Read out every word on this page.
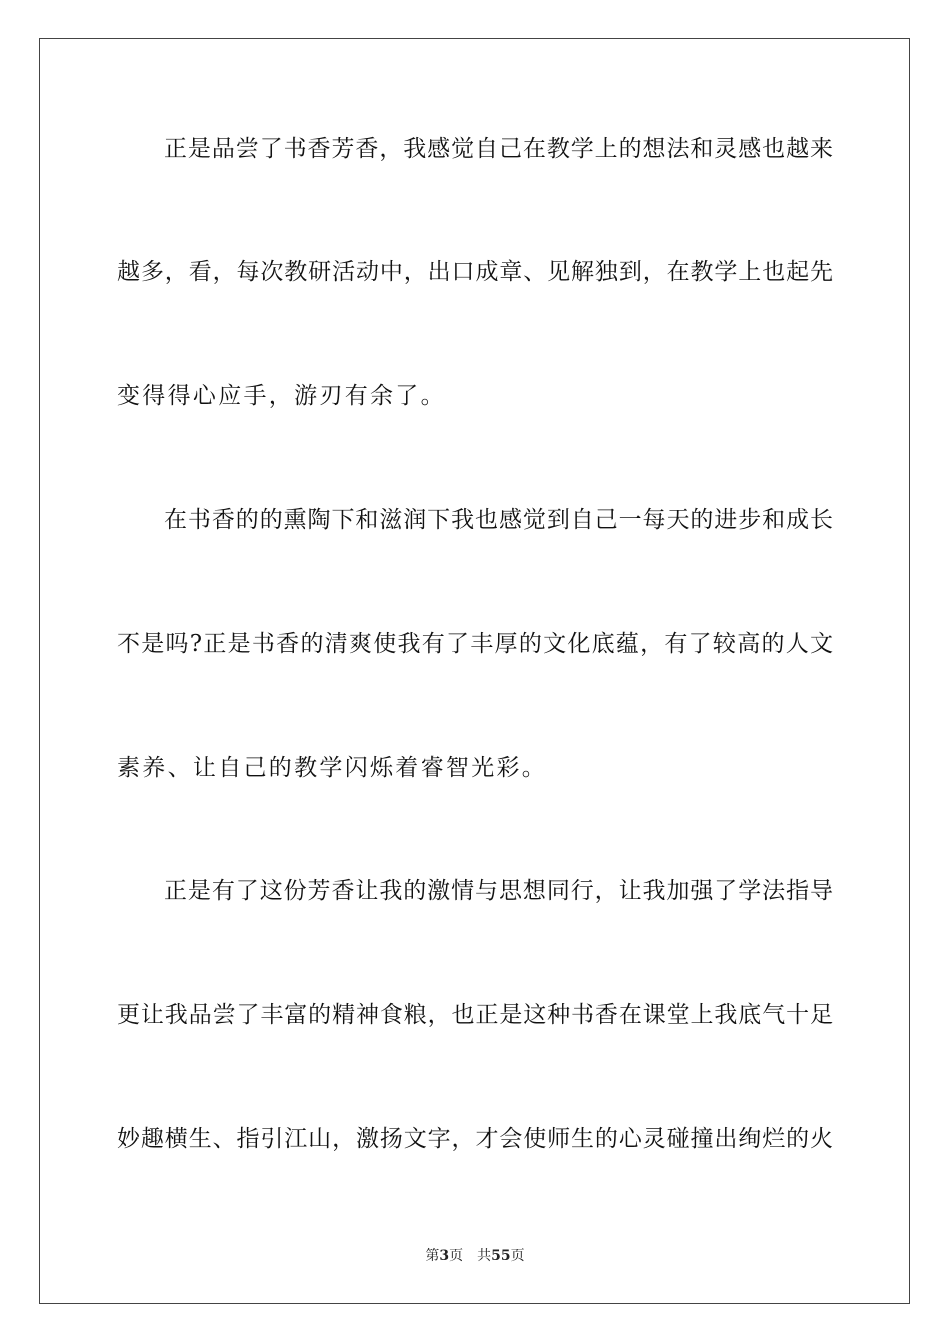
正是品尝了书香芳香，我感觉自己在教学上的想法和灵感也越来
越多，看，每次教研活动中，出口成章、见解独到，在教学上也起先
变得得心应手，游刃有余了。
在书香的的熏陶下和滋润下我也感觉到自己一每天的进步和成长
不是吗?正是书香的清爽使我有了丰厚的文化底蕴，有了较高的人文
素养、让自己的教学闪烁着睿智光彩。
正是有了这份芳香让我的激情与思想同行，让我加强了学法指导
更让我品尝了丰富的精神食粮，也正是这种书香在课堂上我底气十足
妙趣横生、指引江山，激扬文字，才会使师生的心灵碰撞出绚烂的火
第3页 共55页
